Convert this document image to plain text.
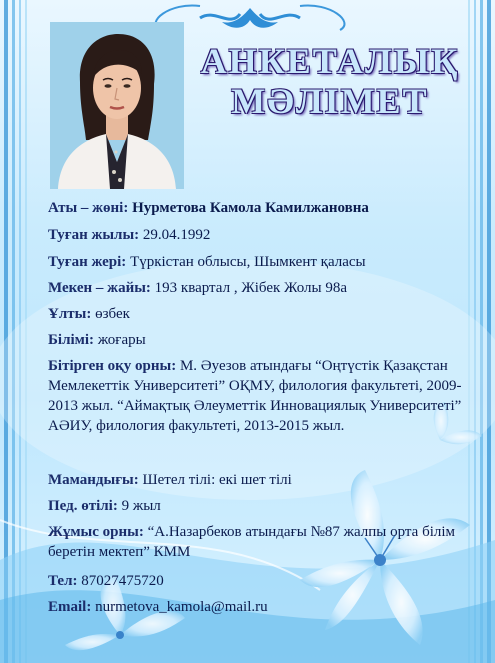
АНКЕТАЛЫҚ
МӘЛІМЕТ
Аты – жөні: Нурметова Камола Камилжановна
Туған жылы: 29.04.1992
Туған жері: Түркістан облысы, Шымкент қаласы
Мекен – жайы: 193 квартал , Жібек Жолы 98а
Ұлты: өзбек
Білімі: жоғары
Бітірген оқу орны: М. Әуезов атындағы “Оңтүстік Қазақстан Мемлекеттік Университеті” ОҚМУ, филология факультеті, 2009-2013 жыл. “Аймақтық Әлеуметтік Инновациялық Университеті” АӘИУ, филология факультеті, 2013-2015 жыл.
Мамандығы: Шетел тілі: екі шет тілі
Пед. өтілі: 9 жыл
Жұмыс орны: “А.Назарбеков атындағы №87 жалпы орта білім беретін мектеп” КММ
Тел: 87027475720
Email: nurmetova_kamola@mail.ru
